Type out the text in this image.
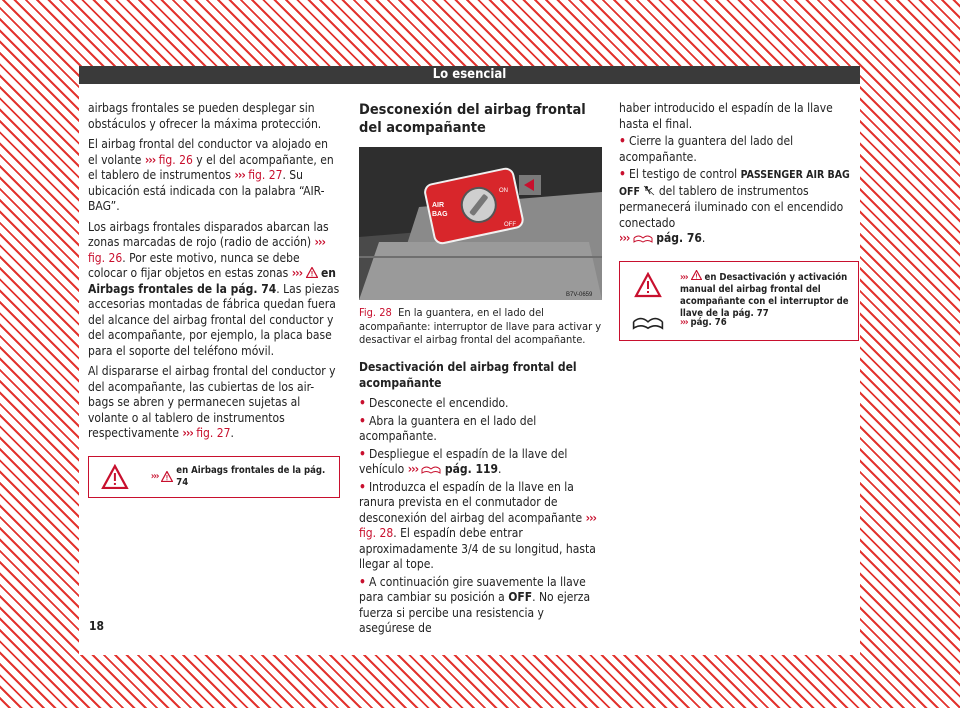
Lo esencial

airbags frontales se pueden desplegar sin obstáculos y ofrecer la máxima protección.

El airbag frontal del conductor va alojado en el volante ››› fig. 26 y el del acompañante, en el tablero de instrumentos ››› fig. 27. Su ubicación está indicada con la palabra “AIR-BAG”.

Los airbags frontales disparados abarcan las zonas marcadas de rojo (radio de acción) ››› fig. 26. Por este motivo, nunca se debe colocar o fijar objetos en estas zonas ››› en Airbags frontales de la pág. 74. Las piezas accesorias montadas de fábrica quedan fuera del alcance del airbag frontal del conductor y del acompañante, por ejemplo, la placa base para el soporte del teléfono móvil.

Al dispararse el airbag frontal del conductor y del acompañante, las cubiertas de los air-bags se abren y permanecen sujetas al volante o al tablero de instrumentos respectivamente ››› fig. 27.

›››

en Airbags frontales de la pág. 74

Desconexión del airbag frontal del acompañante

AIR
BAG
ON
OFF
B7V-0659
Fig. 28 En la guantera, en el lado del acompañante: interruptor de llave para activar y desactivar el airbag frontal del acompañante.

Desactivación del airbag frontal del acompañante

• Desconecte el encendido.

• Abra la guantera en el lado del acompañante.

• Despliegue el espadín de la llave del vehículo ››› pág. 119.

• Introduzca el espadín de la llave en la ranura prevista en el conmutador de desconexión del airbag del acompañante ››› fig. 28. El espadín debe entrar aproximadamente 3/4 de su longitud, hasta llegar al tope.

• A continuación gire suavemente la llave para cambiar su posición a OFF. No ejerza fuerza si percibe una resistencia y asegúrese de

haber introducido el espadín de la llave hasta el final.

• Cierre la guantera del lado del acompañante.

• El testigo de control PASSENGER AIR BAG OFF  del tablero de instrumentos permanecerá iluminado con el encendido conectado
››› pág. 76.

››› en Desactivación y activación manual del airbag frontal del acompañante con el interruptor de llave de la pág. 77
››› pág. 76
18
